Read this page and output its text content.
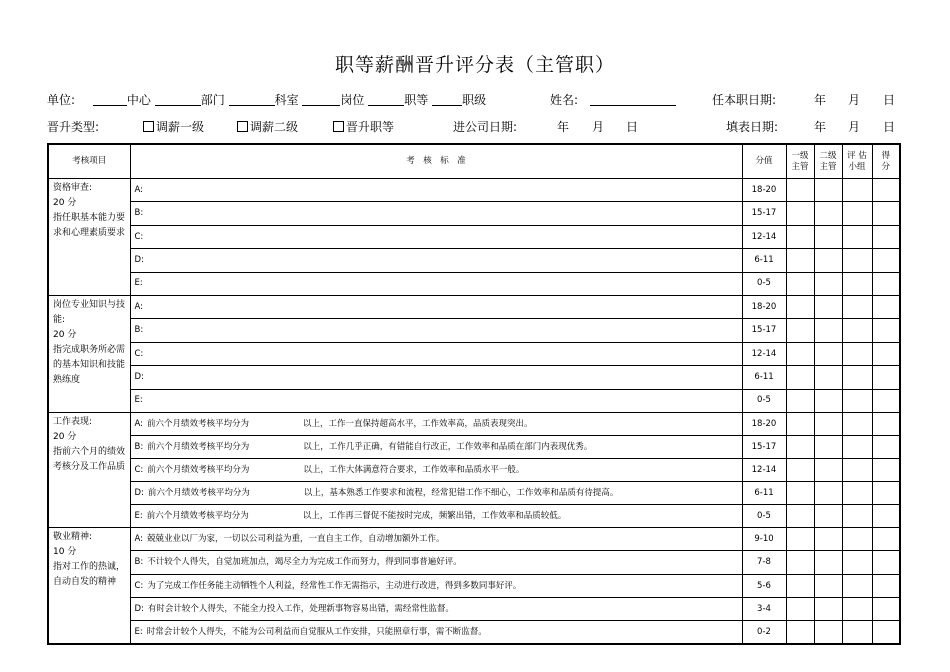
职等薪酬晋升评分表（主管职）
单位:	中心	部门	科室	岗位	职等	职级	姓名:	任本职日期:	年 月 日
晋升类型:	调薪一级	调薪二级	晋升职等	进公司日期:	年 月 日	填表日期:	年 月 日
考核项目	考　核　标　准	分值	一级主管	二级主管	评 估小组	得 分

资格审查:
20 分
指任职基本能力要求和心理素质要求	A:	18-20				
	B:	15-17				
	C:	12-14				
	D:	6-11				
	E:	0-5				

岗位专业知识与技能:
20 分
指完成职务所必需的基本知识和技能熟练度	A:	18-20				
	B:	15-17				
	C:	12-14				
	D:	6-11				
	E:	0-5				

工作表现:
20 分
指前六个月的绩效考核分及工作品质	A: 前六个月绩效考核平均分为 以上，工作一直保持超高水平，工作效率高，品质表现突出。	18-20				
	B: 前六个月绩效考核平均分为 以上，工作几乎正确，有错能自行改正，工作效率和品质在部门内表现优秀。	15-17				
	C: 前六个月绩效考核平均分为 以上，工作大体满意符合要求，工作效率和品质水平一般。	12-14				
	D: 前六个月绩效考核平均分为 以上，基本熟悉工作要求和流程，经常犯错工作不细心，工作效率和品质有待提高。	6-11				
	E: 前六个月绩效考核平均分为 以上，工作再三督促不能按时完成，频繁出错，工作效率和品质较低。	0-5				

敬业精神:
10 分
指对工作的热诚，自动自发的精神	A: 兢兢业业以厂为家，一切以公司利益为重，一直自主工作，自动增加额外工作。	9-10				
	B: 不计较个人得失，自觉加班加点，竭尽全力为完成工作而努力，得到同事普遍好评。	7-8				
	C: 为了完成工作任务能主动牺牲个人利益，经常性工作无需指示，主动进行改进，得到多数同事好评。	5-6				
	D: 有时会计较个人得失，不能全力投入工作，处理新事物容易出错，需经常性监督。	3-4				
	E: 时常会计较个人得失，不能为公司利益而自觉服从工作安排，只能照章行事，需不断监督。	0-2				
